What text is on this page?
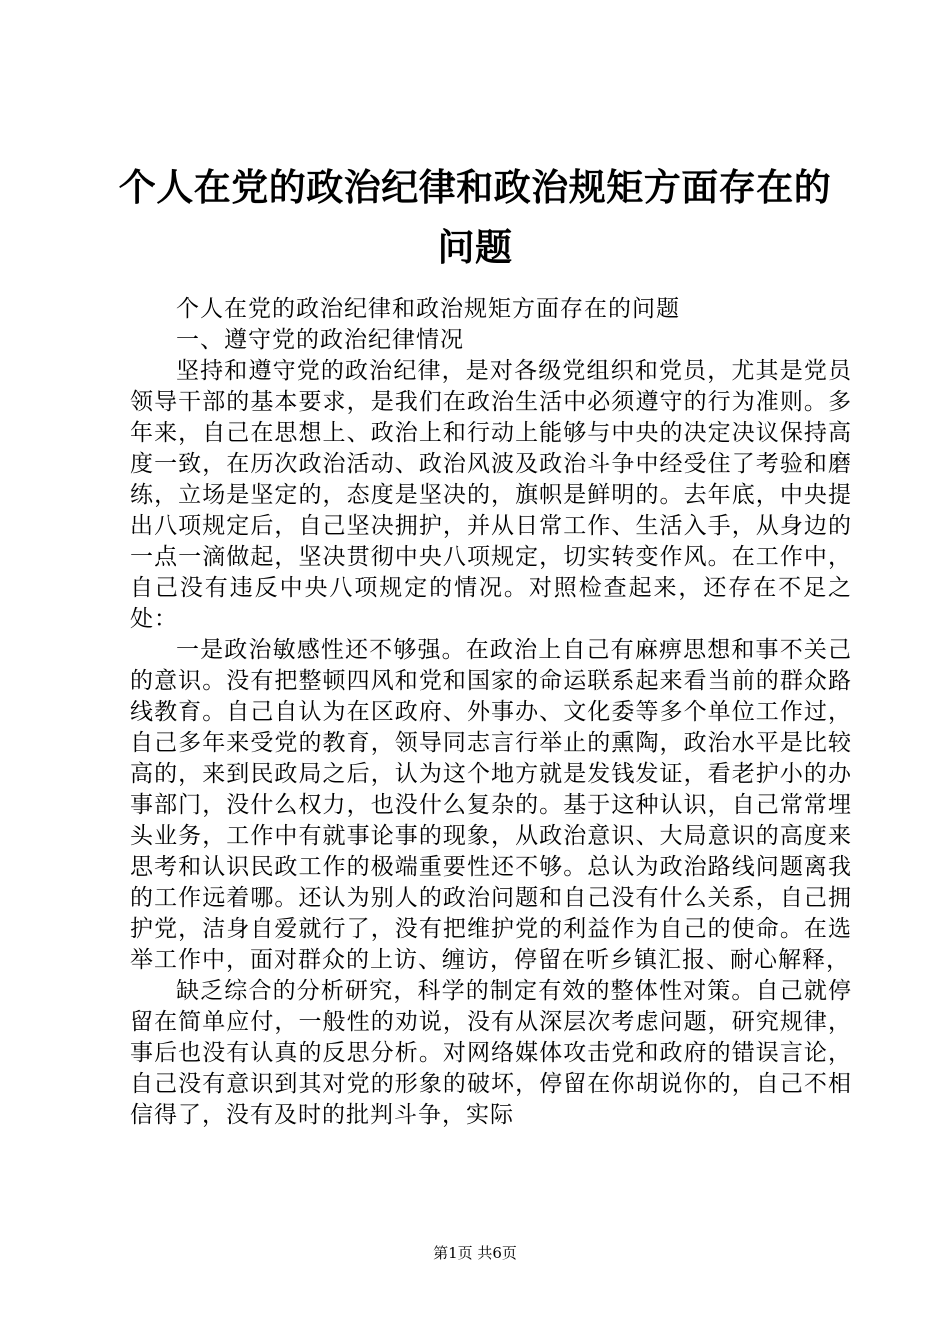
个人在党的政治纪律和政治规矩方面存在的问题

个人在党的政治纪律和政治规矩方面存在的问题

一、遵守党的政治纪律情况

坚持和遵守党的政治纪律，是对各级党组织和党员，尤其是党员领导干部的基本要求，是我们在政治生活中必须遵守的行为准则。多年来，自己在思想上、政治上和行动上能够与中央的决定决议保持高度一致，在历次政治活动、政治风波及政治斗争中经受住了考验和磨练，立场是坚定的，态度是坚决的，旗帜是鲜明的。去年底，中央提出八项规定后，自己坚决拥护，并从日常工作、生活入手，从身边的一点一滴做起，坚决贯彻中央八项规定，切实转变作风。在工作中，自己没有违反中央八项规定的情况。对照检查起来，还存在不足之处：

一是政治敏感性还不够强。在政治上自己有麻痹思想和事不关己的意识。没有把整顿四风和党和国家的命运联系起来看当前的群众路线教育。自己自认为在区政府、外事办、文化委等多个单位工作过，自己多年来受党的教育，领导同志言行举止的熏陶，政治水平是比较高的，来到民政局之后，认为这个地方就是发钱发证，看老护小的办事部门，没什么权力，也没什么复杂的。基于这种认识，自己常常埋头业务，工作中有就事论事的现象，从政治意识、大局意识的高度来思考和认识民政工作的极端重要性还不够。总认为政治路线问题离我的工作远着哪。还认为别人的政治问题和自己没有什么关系，自己拥护党，洁身自爱就行了，没有把维护党的利益作为自己的使命。在选举工作中，面对群众的上访、缠访，停留在听乡镇汇报、耐心解释，

缺乏综合的分析研究，科学的制定有效的整体性对策。自己就停留在简单应付，一般性的劝说，没有从深层次考虑问题，研究规律，事后也没有认真的反思分析。对网络媒体攻击党和政府的错误言论，自己没有意识到其对党的形象的破坏，停留在你胡说你的，自己不相信得了，没有及时的批判斗争，实际

第1页 共6页
